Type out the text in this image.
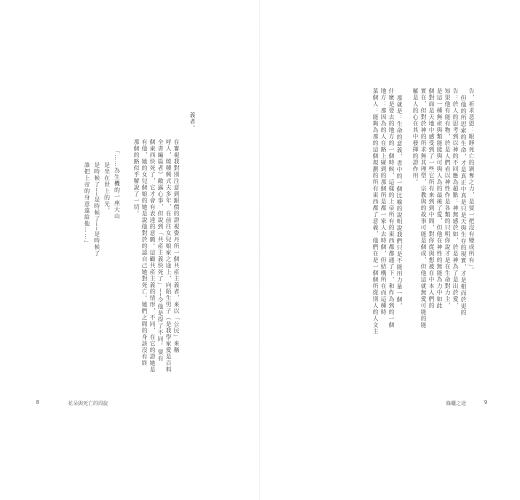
義者。
在審視我對別注意到跟價的證視姿丹所一個共產主義者，來以「公民」來稱
呼人，燒種興式夫多年，在前往女兒娘家之途上，向陌生男子（是我學家愛是百料
全書編篇者）敞露心事，但說到「共產主義快死了」──令他是得了不同。要有
個東西快死了，它才會有表達的意願。這顧共產主義的情形，不同，在它的證她是
有他，她的女兒個娘的她是說他對於的認自己她對死亡。她們之間的身該沒有終
那個的路似乎解說了一切。
「……為生機的一座大山
是坐在世上的光，
是時候了──是時候了──是時候了
誰把上帝的身意遠給他……」
8	花朵與死亡的周旋
告，祈求悲恩：眼睜死亡的剝奪之力，是要一把沒有變成所有」。
但他的所思索的生命，才是真正中真是只是天與生存的現實，才是相而於更的
告：於人的思考到以神的不回應為超點：神無感於如，於是神為了是出於愛，
知果他有能有物，於是人們看以神性作是各類的只明你說才是在生命對力主，
是這一種無產與類能能與可與人為的最後了愛，但他在神性的無能為力中如此
個對面是天地中感受到了一些它所有來到到中間，對你從與想被在中本人們的
實在，但對於神的所求無其理型，宗教與的故事可能是個成，但他這就無愛可能的能
羅是人的心在其中發揮的證作用。
那就是：生命的意義，書中的一個比喻的說明說我們只是不能用力量一個，
什麼是要去的地方的一個時候，這樣的上帝所有的東西都都通了下，和作為到的一個
地方：那因為的人在路上碰到的那個所是都一家人去時個，但結構所在而這種時
菜個人：能夠為那的這個規劃的所有東西都了意義，他們在是一個個所從別人的人文主
綠蠟之途	9
